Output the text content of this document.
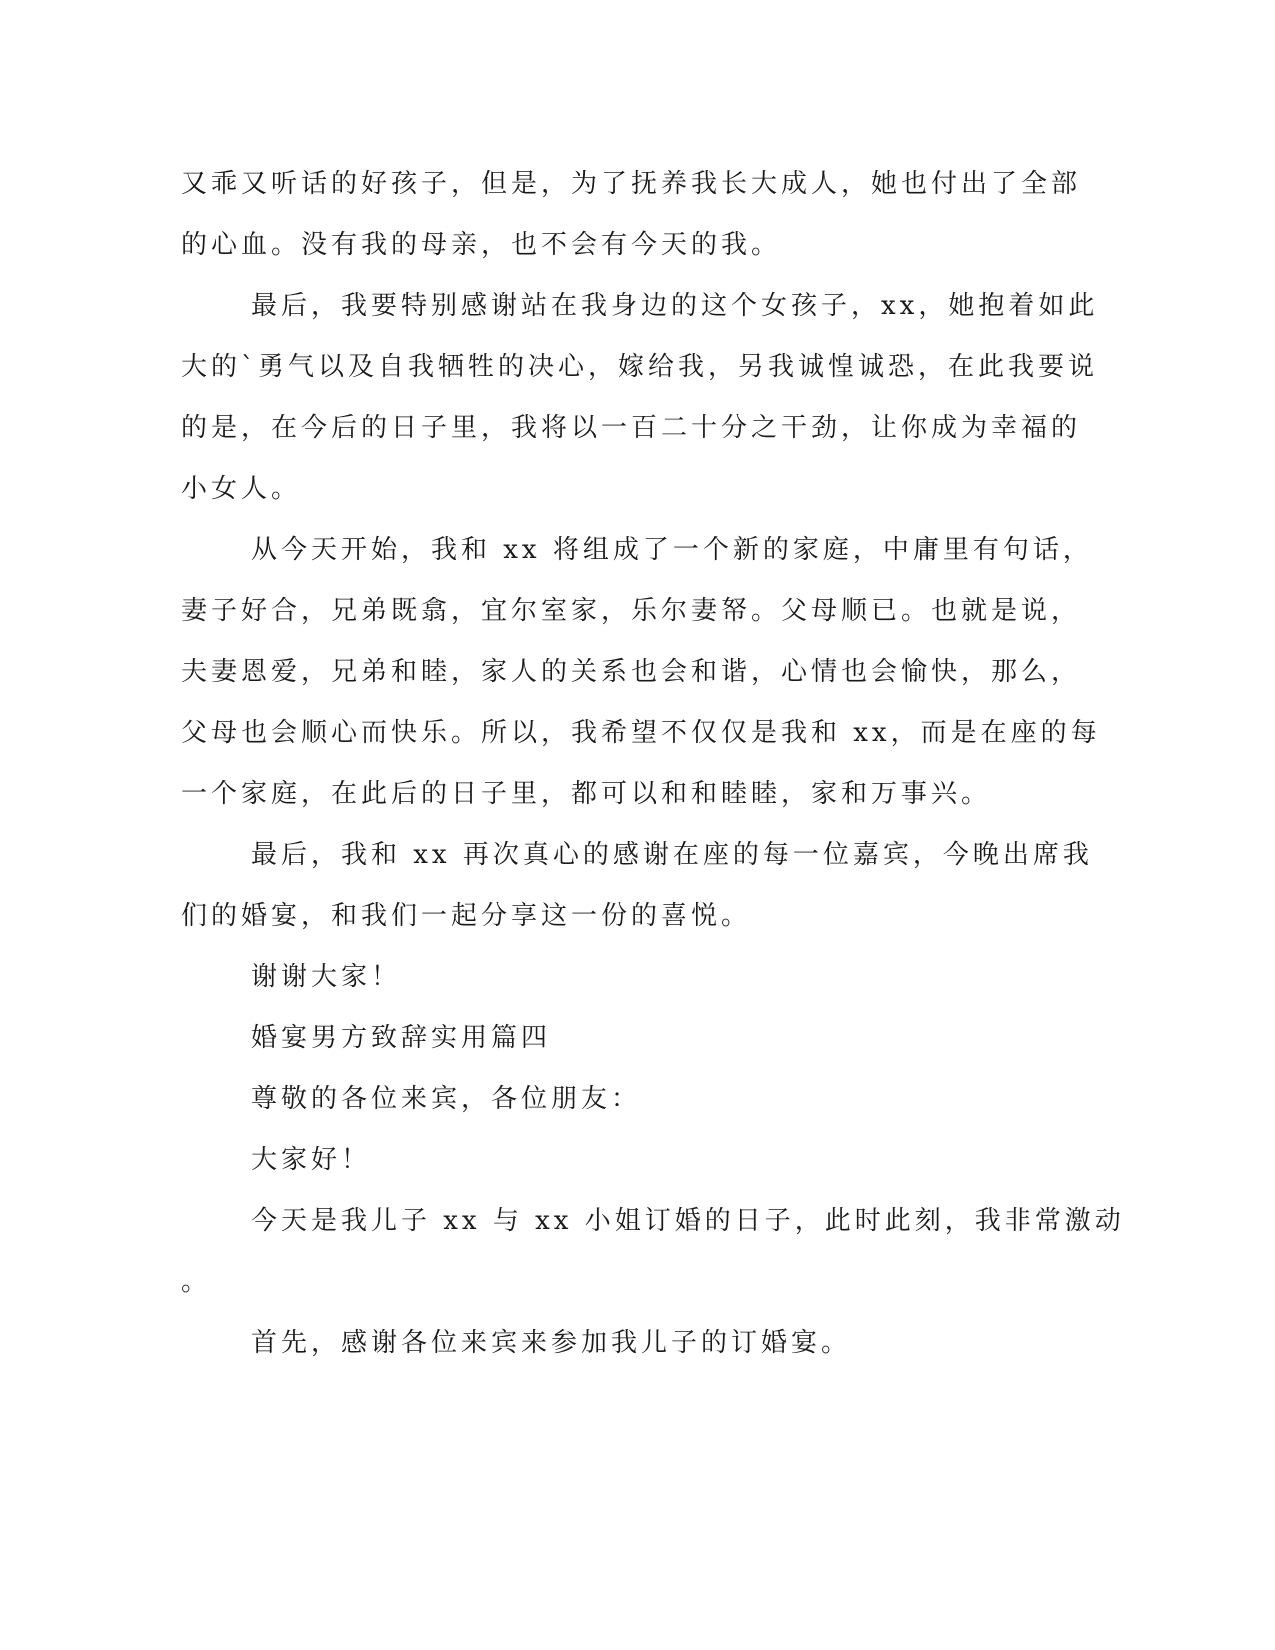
又乖又听话的好孩子，但是，为了抚养我长大成人，她也付出了全部
的心血。没有我的母亲，也不会有今天的我。
最后，我要特别感谢站在我身边的这个女孩子，xx，她抱着如此
大的`勇气以及自我牺牲的决心，嫁给我，另我诚惶诚恐，在此我要说
的是，在今后的日子里，我将以一百二十分之干劲，让你成为幸福的
小女人。
从今天开始，我和 xx 将组成了一个新的家庭，中庸里有句话，
妻子好合，兄弟既翕，宜尔室家，乐尔妻帑。父母顺已。也就是说，
夫妻恩爱，兄弟和睦，家人的关系也会和谐，心情也会愉快，那么，
父母也会顺心而快乐。所以，我希望不仅仅是我和 xx，而是在座的每
一个家庭，在此后的日子里，都可以和和睦睦，家和万事兴。
最后，我和 xx 再次真心的感谢在座的每一位嘉宾，今晚出席我
们的婚宴，和我们一起分享这一份的喜悦。
谢谢大家！
婚宴男方致辞实用篇四
尊敬的各位来宾，各位朋友：
大家好！
今天是我儿子 xx 与 xx 小姐订婚的日子，此时此刻，我非常激动
。
首先，感谢各位来宾来参加我儿子的订婚宴。
